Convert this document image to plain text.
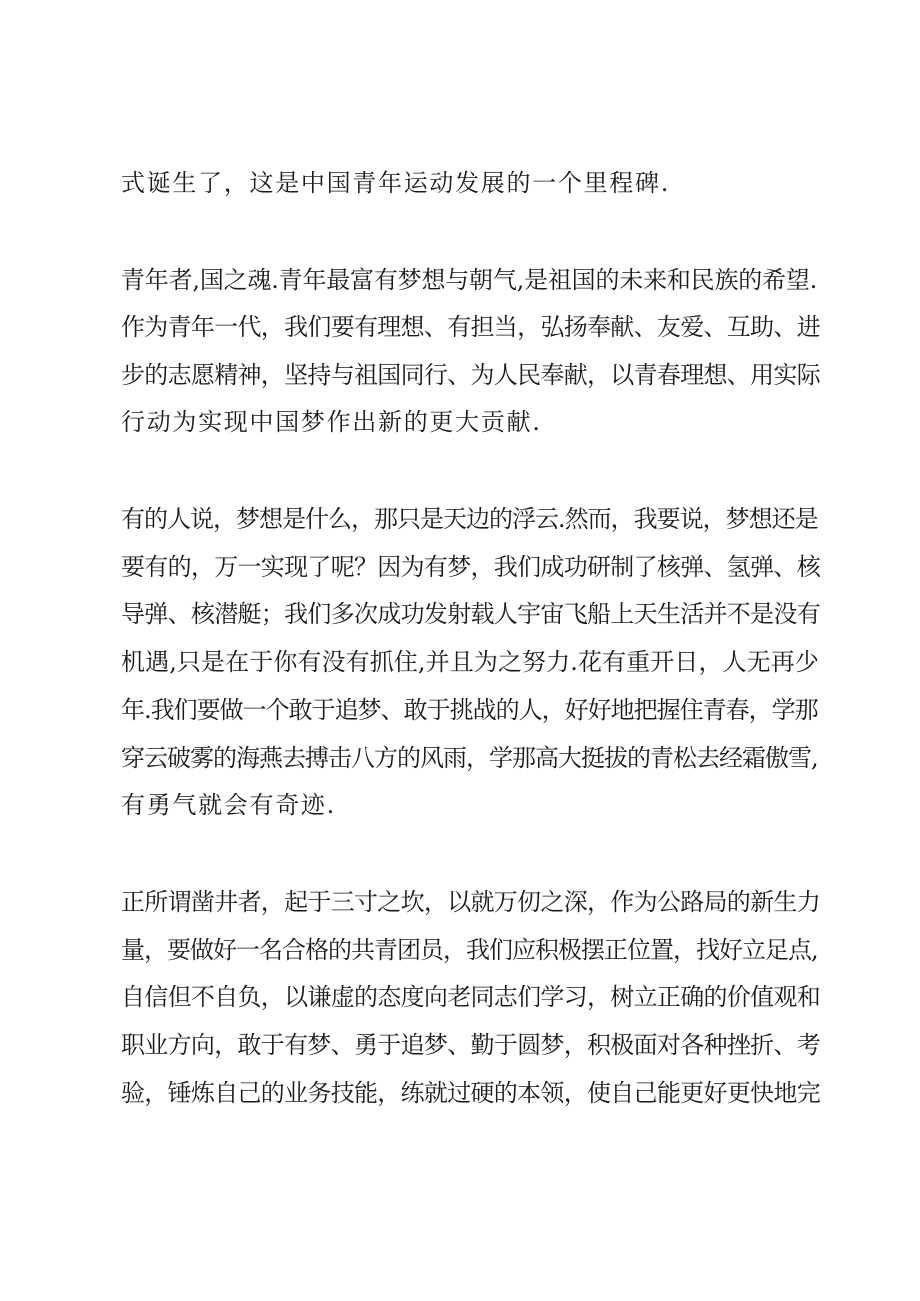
式诞生了，这是中国青年运动发展的一个里程碑.

青年者,国之魂.青年最富有梦想与朝气,是祖国的未来和民族的希望.

作为青年一代，我们要有理想、有担当，弘扬奉献、友爱、互助、进

步的志愿精神，坚持与祖国同行、为人民奉献，以青春理想、用实际

行动为实现中国梦作出新的更大贡献.

有的人说，梦想是什么，那只是天边的浮云.然而，我要说，梦想还是

要有的，万一实现了呢？因为有梦，我们成功研制了核弹、氢弹、核

导弹、核潜艇；我们多次成功发射载人宇宙飞船上天生活并不是没有

机遇,只是在于你有没有抓住,并且为之努力.花有重开日，人无再少

年.我们要做一个敢于追梦、敢于挑战的人，好好地把握住青春，学那

穿云破雾的海燕去搏击八方的风雨，学那高大挺拔的青松去经霜傲雪,

有勇气就会有奇迹.

正所谓凿井者，起于三寸之坎，以就万仞之深，作为公路局的新生力

量，要做好一名合格的共青团员，我们应积极摆正位置，找好立足点,

自信但不自负，以谦虚的态度向老同志们学习，树立正确的价值观和

职业方向，敢于有梦、勇于追梦、勤于圆梦，积极面对各种挫折、考

验，锤炼自己的业务技能，练就过硬的本领，使自己能更好更快地完
